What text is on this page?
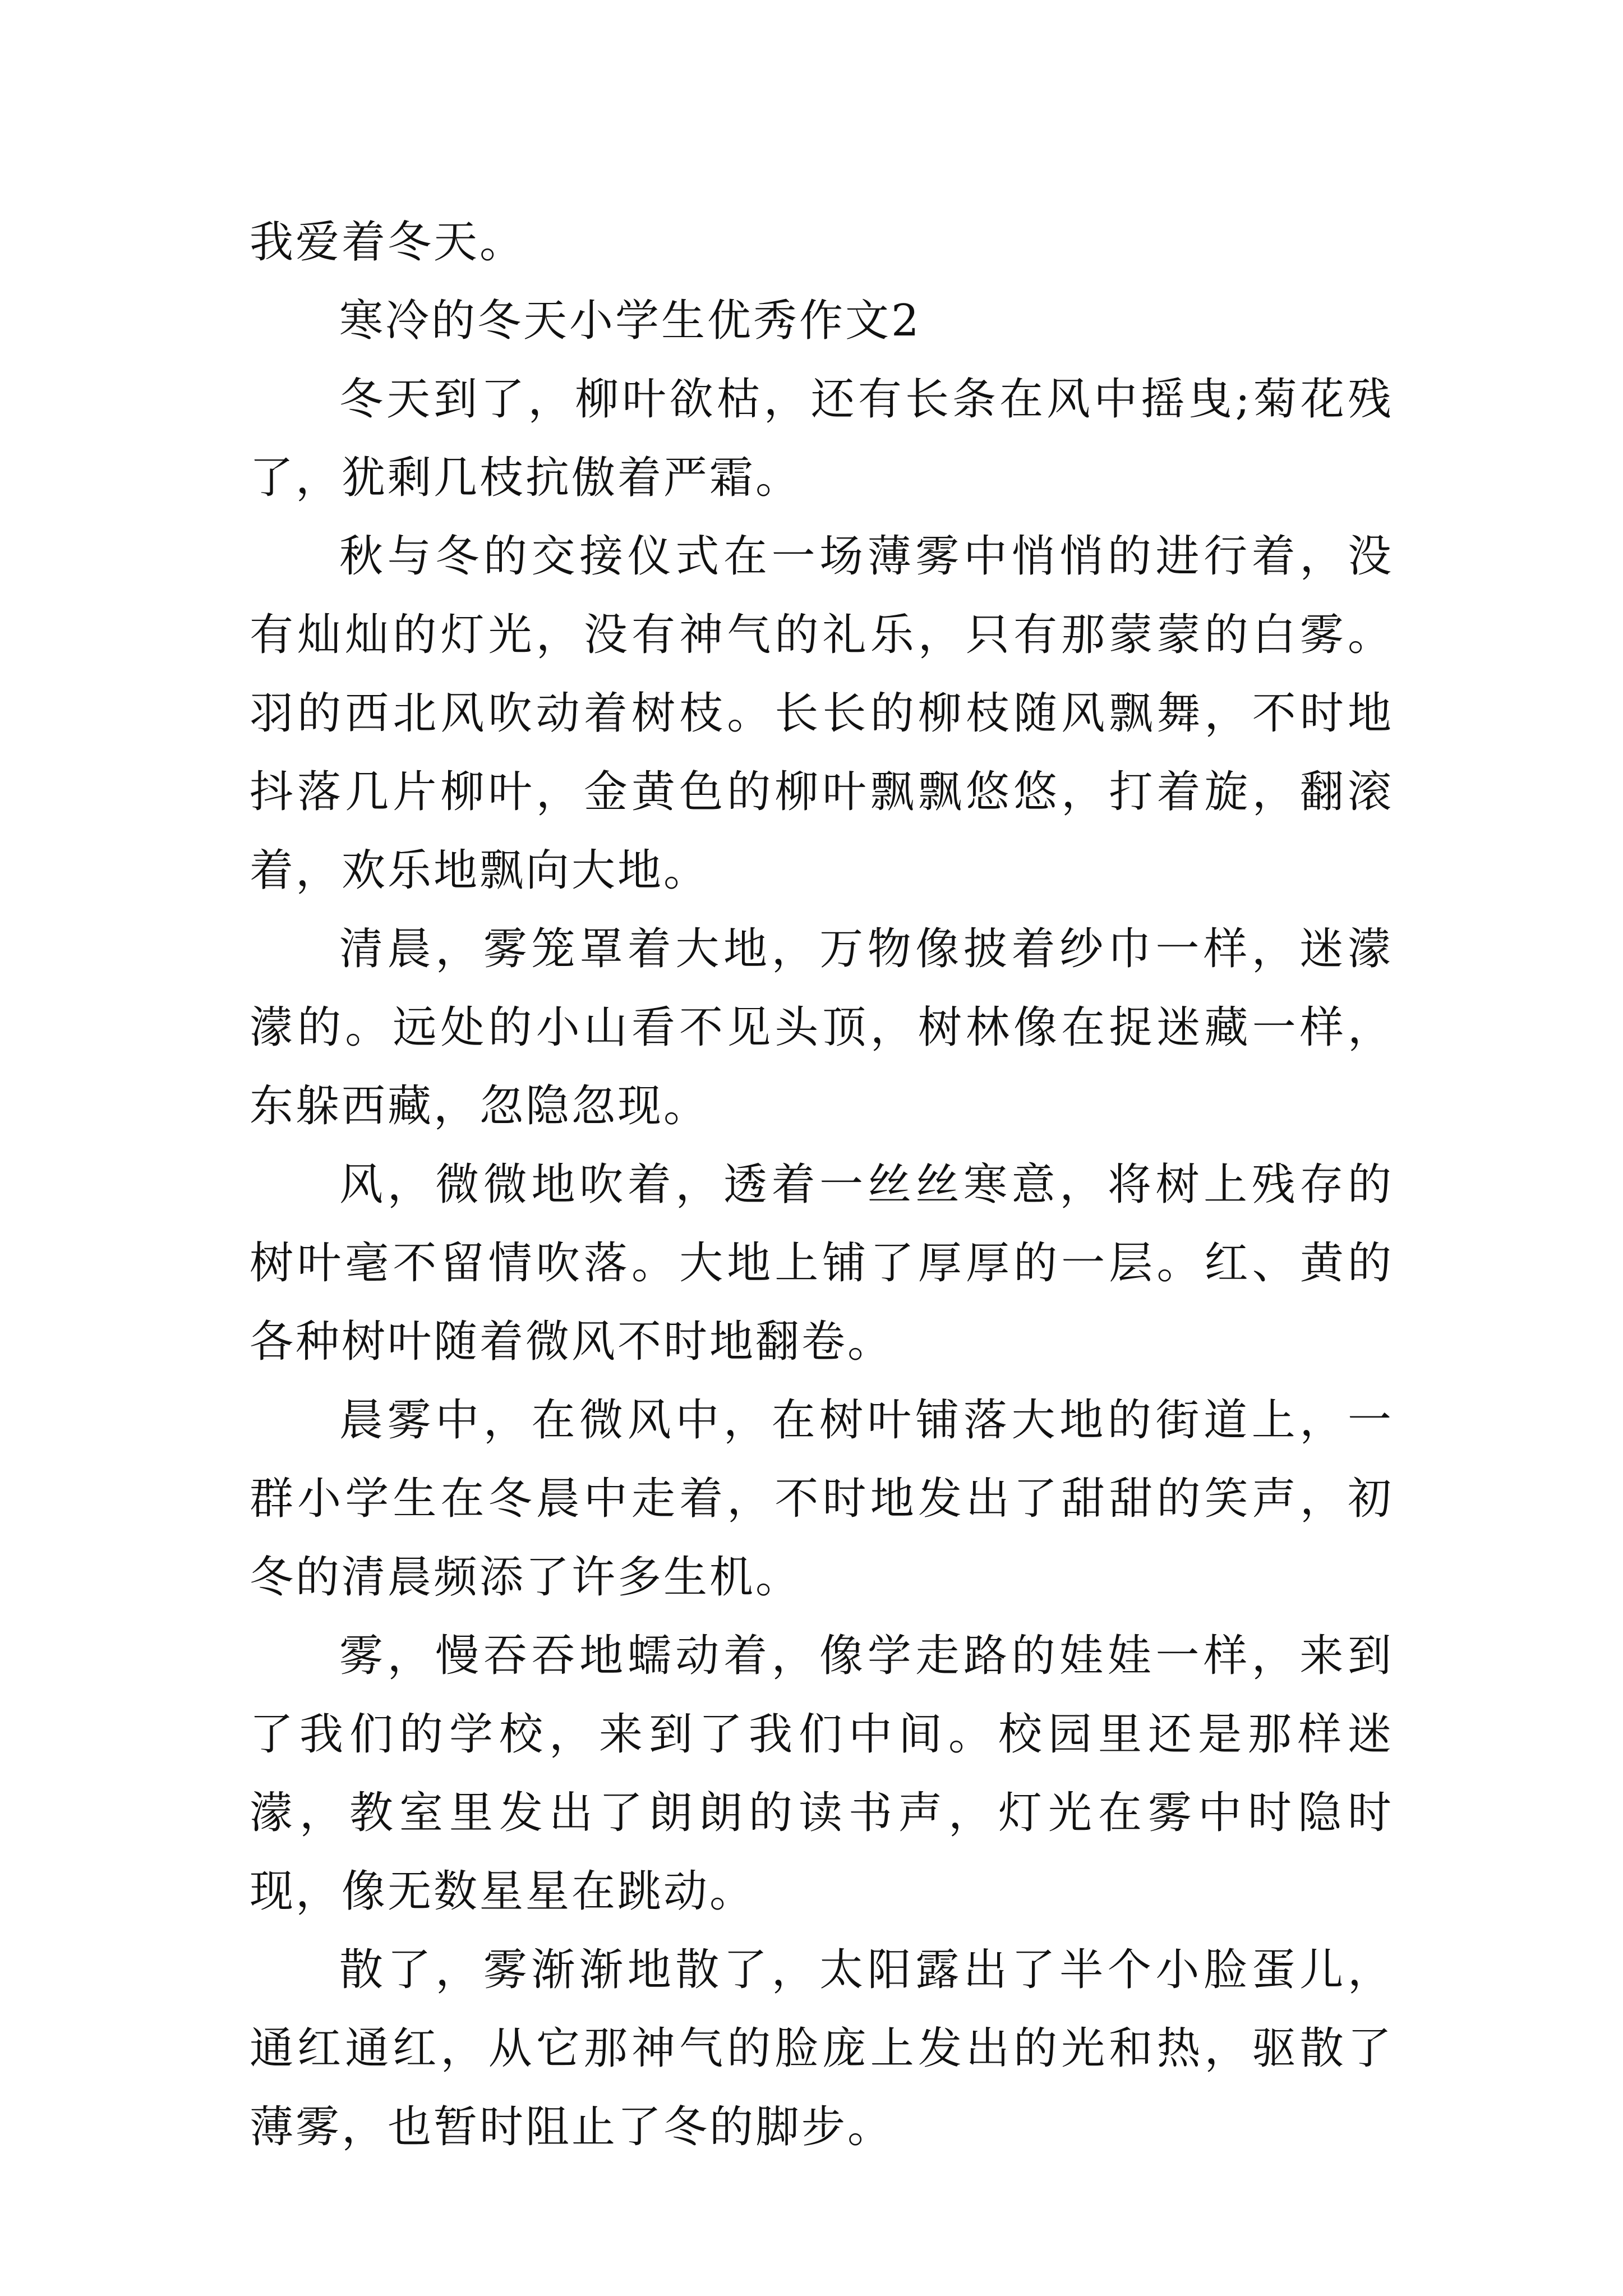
我爱着冬天。

寒冷的冬天小学生优秀作文2

冬天到了，柳叶欲枯，还有长条在风中摇曳;菊花残了，犹剩几枝抗傲着严霜。

秋与冬的交接仪式在一场薄雾中悄悄的进行着，没有灿灿的灯光，没有神气的礼乐，只有那蒙蒙的白雾。羽的西北风吹动着树枝。长长的柳枝随风飘舞，不时地抖落几片柳叶，金黄色的柳叶飘飘悠悠，打着旋，翻滚着，欢乐地飘向大地。

清晨，雾笼罩着大地，万物像披着纱巾一样，迷濛濛的。远处的小山看不见头顶，树林像在捉迷藏一样，东躲西藏，忽隐忽现。

风，微微地吹着，透着一丝丝寒意，将树上残存的树叶毫不留情吹落。大地上铺了厚厚的一层。红、黄的各种树叶随着微风不时地翻卷。

晨雾中，在微风中，在树叶铺落大地的街道上，一群小学生在冬晨中走着，不时地发出了甜甜的笑声，初冬的清晨频添了许多生机。

雾，慢吞吞地蠕动着，像学走路的娃娃一样，来到了我们的学校，来到了我们中间。校园里还是那样迷濛，教室里发出了朗朗的读书声，灯光在雾中时隐时现，像无数星星在跳动。

散了，雾渐渐地散了，太阳露出了半个小脸蛋儿，通红通红，从它那神气的脸庞上发出的光和热，驱散了薄雾，也暂时阻止了冬的脚步。
